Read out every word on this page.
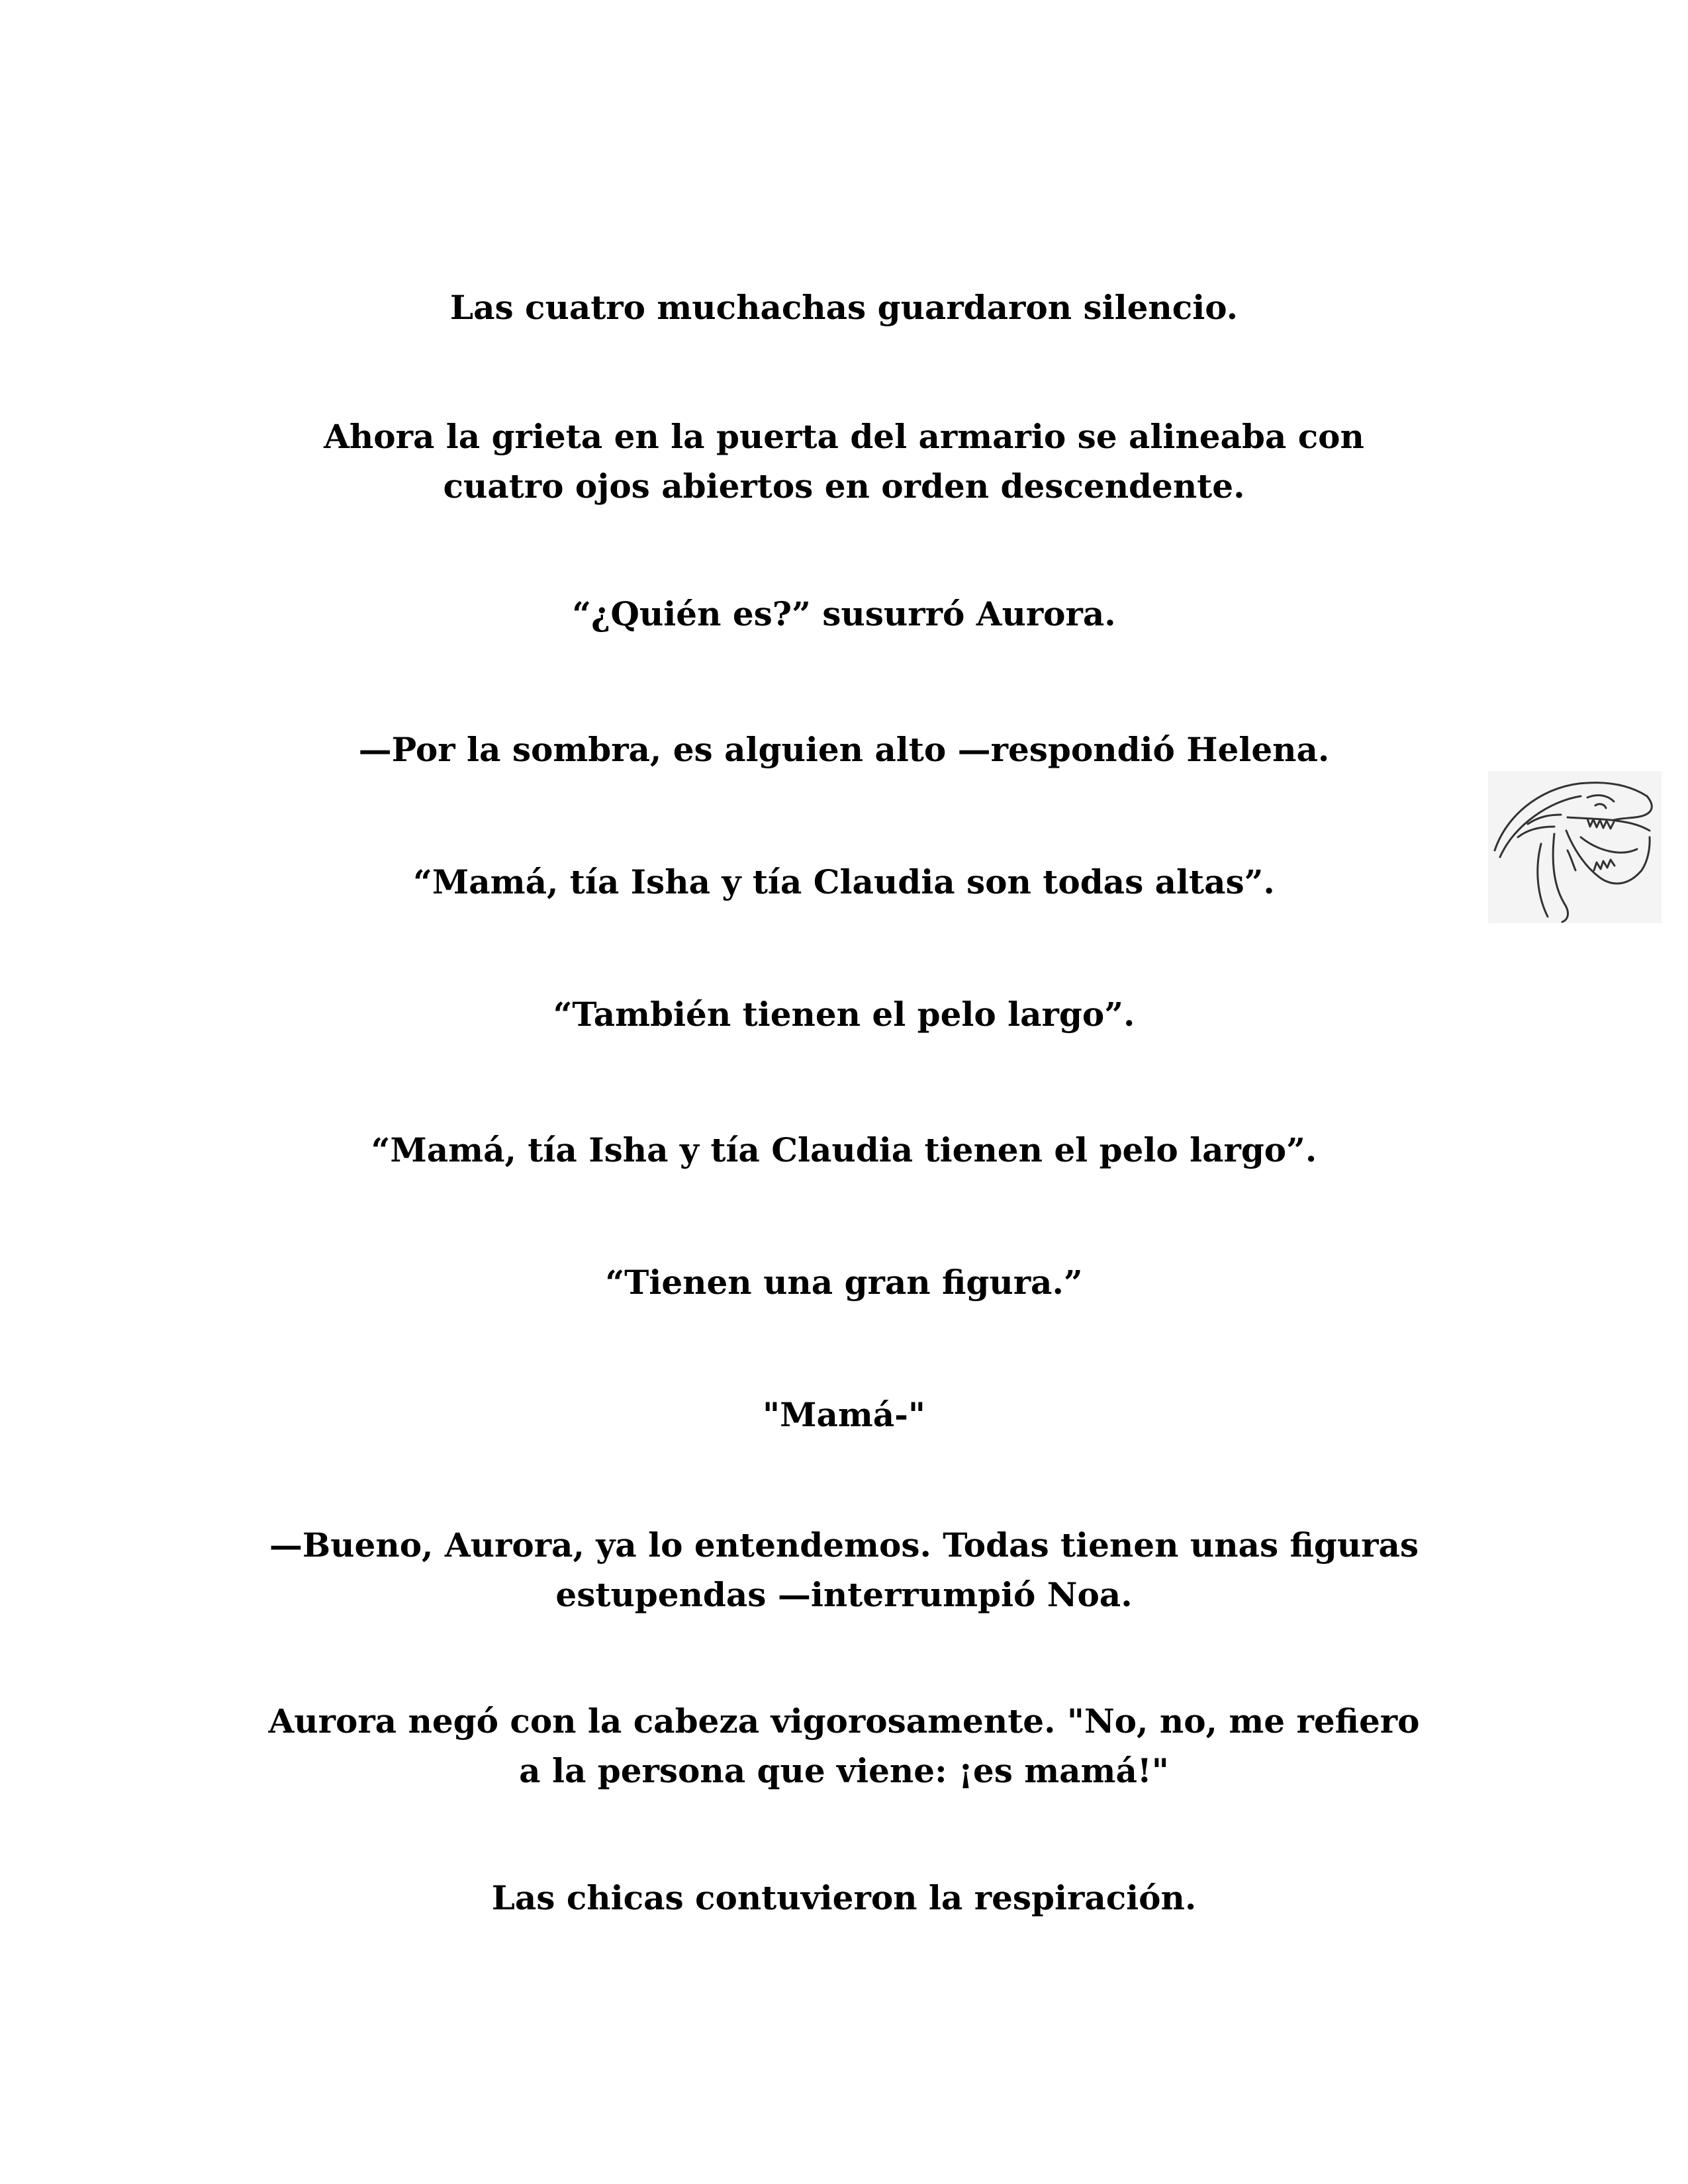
Las cuatro muchachas guardaron silencio.

Ahora la grieta en la puerta del armario se alineaba con
cuatro ojos abiertos en orden descendente.

“¿Quién es?” susurró Aurora.

—Por la sombra, es alguien alto —respondió Helena.

“Mamá, tía Isha y tía Claudia son todas altas”.

“También tienen el pelo largo”.

“Mamá, tía Isha y tía Claudia tienen el pelo largo”.

“Tienen una gran figura.”

"Mamá-"

—Bueno, Aurora, ya lo entendemos. Todas tienen unas figuras
estupendas —interrumpió Noa.

Aurora negó con la cabeza vigorosamente. "No, no, me refiero
a la persona que viene: ¡es mamá!"

Las chicas contuvieron la respiración.
